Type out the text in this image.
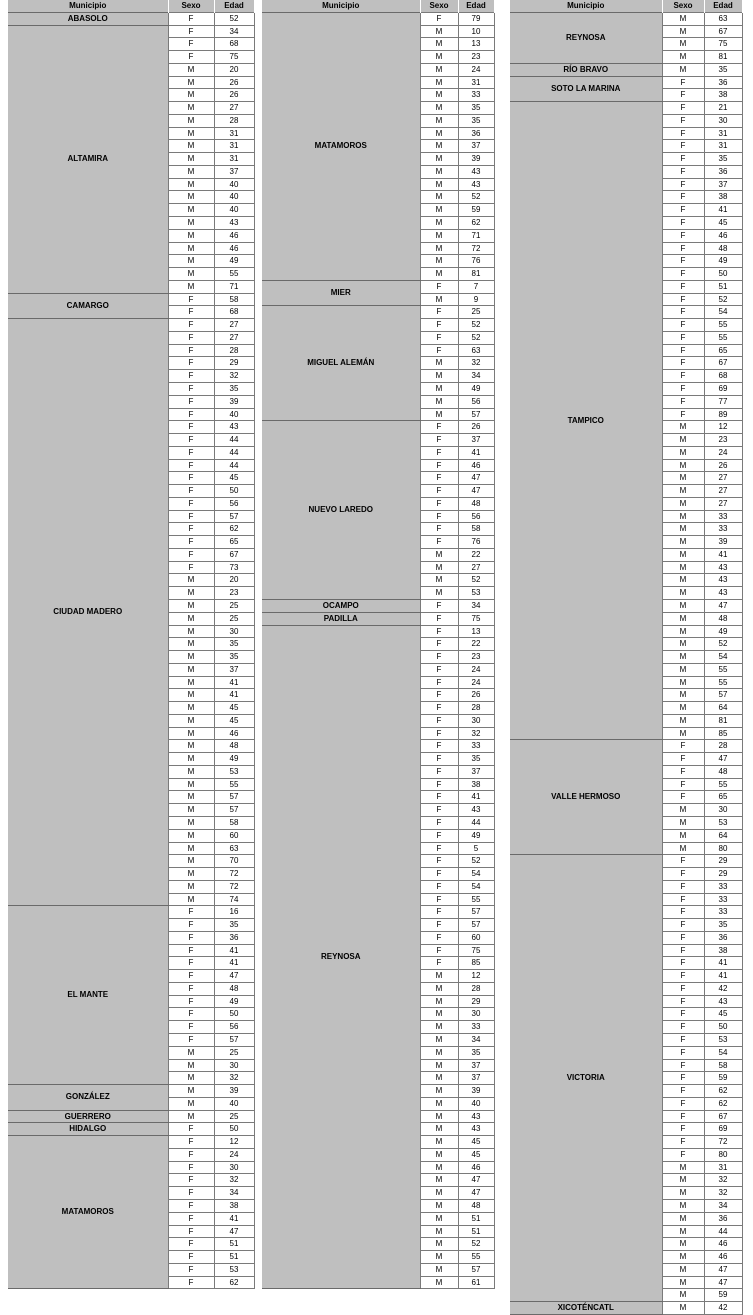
Municipio	Sexo	Edad
ABASOLO	F	52
ALTAMIRA	F	34
	F	68
	F	75
	M	20
	M	26
	M	26
	M	27
	M	28
	M	31
	M	31
	M	31
	M	37
	M	40
	M	40
	M	40
	M	43
	M	46
	M	46
	M	49
	M	55
	M	71
CAMARGO	F	58
	F	68
CIUDAD MADERO	F	27
	F	27
	F	28
	F	29
	F	32
	F	35
	F	39
	F	40
	F	43
	F	44
	F	44
	F	44
	F	45
	F	50
	F	56
	F	57
	F	62
	F	65
	F	67
	F	73
	M	20
	M	23
	M	25
	M	25
	M	30
	M	35
	M	35
	M	37
	M	41
	M	41
	M	45
	M	45
	M	46
	M	48
	M	49
	M	53
	M	55
	M	57
	M	57
	M	58
	M	60
	M	63
	M	70
	M	72
	M	72
	M	74
EL MANTE	F	16
	F	35
	F	36
	F	41
	F	41
	F	47
	F	48
	F	49
	F	50
	F	56
	F	57
	M	25
	M	30
	M	32
GONZÁLEZ	M	39
	M	40
GUERRERO	M	25
HIDALGO	F	50
MATAMOROS	F	12
	F	24
	F	30
	F	32
	F	34
	F	38
	F	41
	F	47
	F	51
	F	51
	F	53
	F	62
Municipio	Sexo	Edad
MATAMOROS	F	79
	M	10
	M	13
	M	23
	M	24
	M	31
	M	33
	M	35
	M	35
	M	36
	M	37
	M	39
	M	43
	M	43
	M	52
	M	59
	M	62
	M	71
	M	72
	M	76
	M	81
MIER	F	7
	M	9
MIGUEL ALEMÁN	F	25
	F	52
	F	52
	F	63
	M	32
	M	34
	M	49
	M	56
	M	57
NUEVO LAREDO	F	26
	F	37
	F	41
	F	46
	F	47
	F	47
	F	48
	F	56
	F	58
	F	76
	M	22
	M	27
	M	52
	M	53
OCAMPO	F	34
PADILLA	F	75
REYNOSA	F	13
	F	22
	F	23
	F	24
	F	24
	F	26
	F	28
	F	30
	F	32
	F	33
	F	35
	F	37
	F	38
	F	41
	F	43
	F	44
	F	49
	F	5
	F	52
	F	54
	F	54
	F	55
	F	57
	F	57
	F	60
	F	75
	F	85
	M	12
	M	28
	M	29
	M	30
	M	33
	M	34
	M	35
	M	37
	M	37
	M	39
	M	40
	M	43
	M	43
	M	45
	M	45
	M	46
	M	47
	M	47
	M	48
	M	51
	M	51
	M	52
	M	55
	M	57
	M	61
Municipio	Sexo	Edad
REYNOSA	M	63
	M	67
	M	75
	M	81
RÍO BRAVO	M	35
SOTO LA MARINA	F	36
	F	38
TAMPICO	F	21
	F	30
	F	31
	F	31
	F	35
	F	36
	F	37
	F	38
	F	41
	F	45
	F	46
	F	48
	F	49
	F	50
	F	51
	F	52
	F	54
	F	55
	F	55
	F	65
	F	67
	F	68
	F	69
	F	77
	F	89
	M	12
	M	23
	M	24
	M	26
	M	27
	M	27
	M	27
	M	33
	M	33
	M	39
	M	41
	M	43
	M	43
	M	43
	M	47
	M	48
	M	49
	M	52
	M	54
	M	55
	M	55
	M	57
	M	64
	M	81
	M	85
VALLE HERMOSO	F	28
	F	47
	F	48
	F	55
	F	65
	M	30
	M	53
	M	64
	M	80
VICTORIA	F	29
	F	29
	F	33
	F	33
	F	33
	F	35
	F	36
	F	38
	F	41
	F	41
	F	42
	F	43
	F	45
	F	50
	F	53
	F	54
	F	58
	F	59
	F	62
	F	62
	F	67
	F	69
	F	72
	F	80
	M	31
	M	32
	M	32
	M	34
	M	36
	M	44
	M	46
	M	46
	M	47
	M	47
	M	59
XICOTÉNCATL	M	42
